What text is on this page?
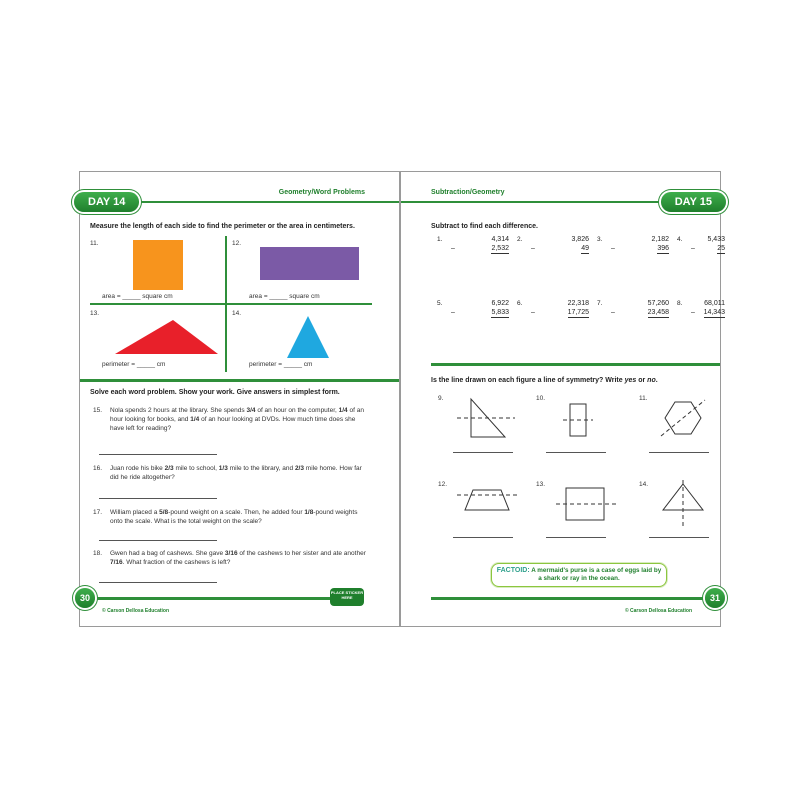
DAY 14
Geometry/Word Problems
Measure the length of each side to find the perimeter or the area in centimeters.
11.
area = _____ square cm
12.
area = _____ square cm
13.
perimeter = _____ cm
14.
perimeter = _____ cm
Solve each word problem. Show your work. Give answers in simplest form.
15. Nola spends 2 hours at the library. She spends 3/4 of an hour on the computer, 1/4 of an hour looking for books, and 1/4 of an hour looking at DVDs. How much time does she have left for reading?
16. Juan rode his bike 2/3 mile to school, 1/3 mile to the library, and 2/3 mile home. How far did he ride altogether?
17. William placed a 5/8-pound weight on a scale. Then, he added four 1/8-pound weights onto the scale. What is the total weight on the scale?
18. Gwen had a bag of cashews. She gave 3/16 of the cashews to her sister and ate another 7/16. What fraction of the cashews is left?
30
© Carson Dellosa Education
PLACE STICKER HERE
Subtraction/Geometry
DAY 15
Subtract to find each difference.
1.	4,314
–	2,532
2.	3,826
–	49
3.	2,182
–	396
4.	5,433
–	25
5.	6,922
–	5,833
6.	22,318
–	17,725
7.	57,260
–	23,458
8.	68,011
– 14,343
Is the line drawn on each figure a line of symmetry? Write yes or no.
9.	10.	11.
12.	13.	14.
FACTOID: A mermaid's purse is a case of eggs laid by a shark or ray in the ocean.
31
© Carson Dellosa Education
